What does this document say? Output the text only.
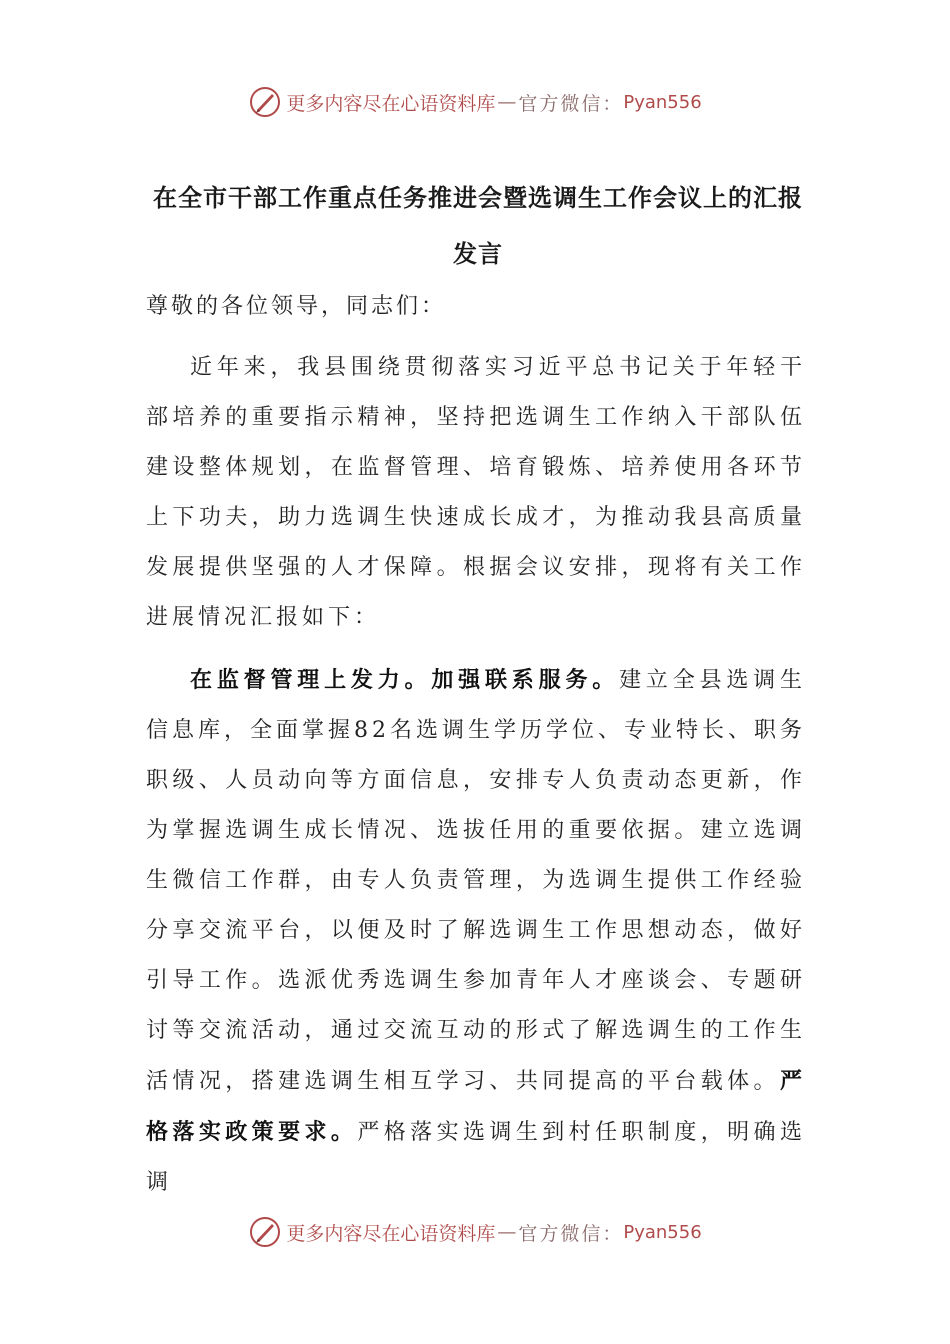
更多内容尽在心语资料库 — 官方微信： Pyan556
在全市干部工作重点任务推进会暨选调生工作会议上的汇报发言
尊敬的各位领导，同志们：
近年来，我县围绕贯彻落实习近平总书记关于年轻干部培养的重要指示精神，坚持把选调生工作纳入干部队伍建设整体规划，在监督管理、培育锻炼、培养使用各环节上下功夫，助力选调生快速成长成才，为推动我县高质量发展提供坚强的人才保障。根据会议安排，现将有关工作进展情况汇报如下：
在监督管理上发力。加强联系服务。建立全县选调生信息库，全面掌握82名选调生学历学位、专业特长、职务职级、人员动向等方面信息，安排专人负责动态更新，作为掌握选调生成长情况、选拔任用的重要依据。建立选调生微信工作群，由专人负责管理，为选调生提供工作经验分享交流平台，以便及时了解选调生工作思想动态，做好引导工作。选派优秀选调生参加青年人才座谈会、专题研讨等交流活动，通过交流互动的形式了解选调生的工作生活情况，搭建选调生相互学习、共同提高的平台载体。严格落实政策要求。严格落实选调生到村任职制度，明确选调
更多内容尽在心语资料库 — 官方微信： Pyan556
